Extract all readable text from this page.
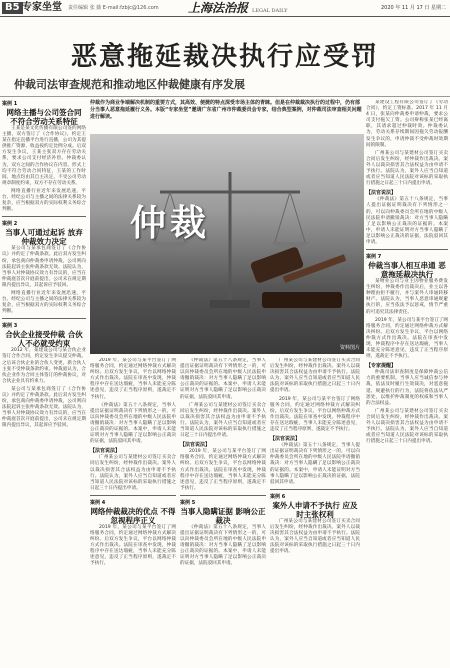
B5 专家坐堂 责任编辑 张 薇 E-mail:fzbjc@126.com 上海法治报 LEGAL DAILY	2020 年 11 月 17 日 星期二
恶意拖延裁决执行应受罚
仲裁司法审查规范和推动地区仲裁健康有序发展
案例 1
网络主播与公司签合同 不符合劳动关系特征

王某是某文化传播有限公司签约网络主播，双方签订了《合作协议》，约定王某在指定直播平台进行直播，公司为其提供推广资源，收益按约定比例分成。后双方发生争议，王某主张双方存在劳动关系，要求公司支付经济补偿。仲裁委认为，双方之间的合作协议在内容、形式上均不符合劳动合同特征，王某的工作时间、地点均由其自主决定，不受公司劳动规章制度约束，双方不存在劳动关系。

网络直播行业近年来发展迅速，平台、经纪公司与主播之间的法律关系较为复杂，应当根据双方的实际权利义务综合判断。

案例 2
当事人可通过起诉 放弃仲裁效力决定

某公司与某承包商签订了《合作协议》并约定了仲裁条款。此后双方发生纠纷，承包商向仲裁委申请仲裁，公司则向法院起诉主张仲裁条款无效。法院认为，当事人对仲裁协议效力有异议的，应当在仲裁庭首次开庭前提出，公司未在规定期限内提出异议，其起诉应予驳回。

网络直播行业近年来发展迅速，平台、经纪公司与主播之间的法律关系较为复杂，应当根据双方的实际权利义务综合判断。

案例 3
合伙企业接受仲裁 合伙人不必就受约束

2012 年，某建设公司与某合伙企业签订合作合同，约定发生争议提交仲裁。之后该合伙企业的合伙人变更，新合伙人主张不受仲裁条款约束。仲裁庭认为，合伙企业作为合同主体签订的仲裁协议，对合伙企业具有约束力。

某公司与某承包商签订了《合作协议》并约定了仲裁条款。此后双方发生纠纷，承包商向仲裁委申请仲裁，公司则向法院起诉主张仲裁条款无效。法院认为，当事人对仲裁协议效力有异议的，应当在仲裁庭首次开庭前提出，公司未在规定期限内提出异议，其起诉应予驳回。

仲裁作为商业争端解决机制的重要方式，其高效、便捷的特点深受市场主体的青睐。但是在仲裁裁决执行的过程中，仍有部分当事人恶意拖延履行义务。本版“专家坐堂”邀请广东省广州市仲裁委员会专家，结合典型案例，对仲裁司法审查相关问题进行解读。
仲裁
资料图片

2019 年，某公司与某平台签订了网络服务合同，约定通过网络仲裁方式解决纠纷。后双方发生争议，平台以网络仲裁方式作出裁决。法院在审查中发现，仲裁程序中存在送达瑕疵，当事人未能充分陈述意见，违反了正当程序原则，遂裁定不予执行。

《仲裁法》第五十八条规定，当事人提出证据证明裁决有下列情形之一的，可以向仲裁委员会所在地的中级人民法院申请撤销裁决：对方当事人隐瞒了足以影响公正裁决的证据的。本案中，申请人未能证明对方当事人隐瞒了足以影响公正裁决的证据，法院驳回其申请。

【法官说法】

广州某公司与某建材公司签订买卖合同后发生纠纷，经仲裁作出裁决。案外人以裁决损害其合法权益为由申请不予执行。法院认为，案外人应当自知道或者应当知道人民法院对该标的采取执行措施之日起三十日内提出申请。

案例 4
网络仲裁裁决的优点 不得忽视程序正义

2019 年，某公司与某平台签订了网络服务合同，约定通过网络仲裁方式解决纠纷。后双方发生争议，平台以网络仲裁方式作出裁决。法院在审查中发现，仲裁程序中存在送达瑕疵，当事人未能充分陈述意见，违反了正当程序原则，遂裁定不予执行。

《仲裁法》第五十八条规定，当事人提出证据证明裁决有下列情形之一的，可以向仲裁委员会所在地的中级人民法院申请撤销裁决：对方当事人隐瞒了足以影响公正裁决的证据的。本案中，申请人未能证明对方当事人隐瞒了足以影响公正裁决的证据，法院驳回其申请。

广州某公司与某建材公司签订买卖合同后发生纠纷，经仲裁作出裁决。案外人以裁决损害其合法权益为由申请不予执行。法院认为，案外人应当自知道或者应当知道人民法院对该标的采取执行措施之日起三十日内提出申请。

【法官说法】

2019 年，某公司与某平台签订了网络服务合同，约定通过网络仲裁方式解决纠纷。后双方发生争议，平台以网络仲裁方式作出裁决。法院在审查中发现，仲裁程序中存在送达瑕疵，当事人未能充分陈述意见，违反了正当程序原则，遂裁定不予执行。

案例 5
当事人隐瞒证据 影响公正裁决

《仲裁法》第五十八条规定，当事人提出证据证明裁决有下列情形之一的，可以向仲裁委员会所在地的中级人民法院申请撤销裁决：对方当事人隐瞒了足以影响公正裁决的证据的。本案中，申请人未能证明对方当事人隐瞒了足以影响公正裁决的证据，法院驳回其申请。

广州某公司与某建材公司签订买卖合同后发生纠纷，经仲裁作出裁决。案外人以裁决损害其合法权益为由申请不予执行。法院认为，案外人应当自知道或者应当知道人民法院对该标的采取执行措施之日起三十日内提出申请。

2019 年，某公司与某平台签订了网络服务合同，约定通过网络仲裁方式解决纠纷。后双方发生争议，平台以网络仲裁方式作出裁决。法院在审查中发现，仲裁程序中存在送达瑕疵，当事人未能充分陈述意见，违反了正当程序原则，遂裁定不予执行。

【法官说法】

《仲裁法》第五十八条规定，当事人提出证据证明裁决有下列情形之一的，可以向仲裁委员会所在地的中级人民法院申请撤销裁决：对方当事人隐瞒了足以影响公正裁决的证据的。本案中，申请人未能证明对方当事人隐瞒了足以影响公正裁决的证据，法院驳回其申请。

案例 6
案外人申请不予执行 应及时主张权利

广州某公司与某建材公司签订买卖合同后发生纠纷，经仲裁作出裁决。案外人以裁决损害其合法权益为由申请不予执行。法院认为，案外人应当自知道或者应当知道人民法院对该标的采取执行措施之日起三十日内提出申请。

某建设工程有限公司签订了《劳动合同》，约定工资标准。2017 年 11 月 4 日，张某向仲裁委申请仲裁，要求公司支付拖欠工资。公司辩称张某已经离职，其请求超过仲裁时效。仲裁委认为，劳动关系存续期间因拖欠劳动报酬发生争议的，申请仲裁不受仲裁时效期间的限制。

广州某公司与某建材公司签订买卖合同后发生纠纷，经仲裁作出裁决。案外人以裁决损害其合法权益为由申请不予执行。法院认为，案外人应当自知道或者应当知道人民法院对该标的采取执行措施之日起三十日内提出申请。

【法官说法】

《仲裁法》第五十八条规定，当事人提出证据证明裁决有下列情形之一的，可以向仲裁委员会所在地的中级人民法院申请撤销裁决：对方当事人隐瞒了足以影响公正裁决的证据的。本案中，申请人未能证明对方当事人隐瞒了足以影响公正裁决的证据，法院驳回其申请。

案例 7
仲裁当事人相互串通 恶意拖延裁决执行

某物业公司与业主因物业服务费发生纠纷，仲裁委作出裁决后，业主以各种理由拒不履行，并与案外人串通转移财产。法院认为，当事人恶意串通规避执行的，应当依法予以惩戒，情节严重的可追究其法律责任。

2019 年，某公司与某平台签订了网络服务合同，约定通过网络仲裁方式解决纠纷。后双方发生争议，平台以网络仲裁方式作出裁决。法院在审查中发现，仲裁程序中存在送达瑕疵，当事人未能充分陈述意见，违反了正当程序原则，遂裁定不予执行。

【专家提醒】

仲裁司法审查制度是保障仲裁公信力的重要机制。当事人应当诚信参与仲裁，依法及时履行生效裁决，对恶意拖延、规避执行的行为，法院将依法从严惩处，以维护仲裁制度的权威和当事人的合法权益。

广州某公司与某建材公司签订买卖合同后发生纠纷，经仲裁作出裁决。案外人以裁决损害其合法权益为由申请不予执行。法院认为，案外人应当自知道或者应当知道人民法院对该标的采取执行措施之日起三十日内提出申请。
